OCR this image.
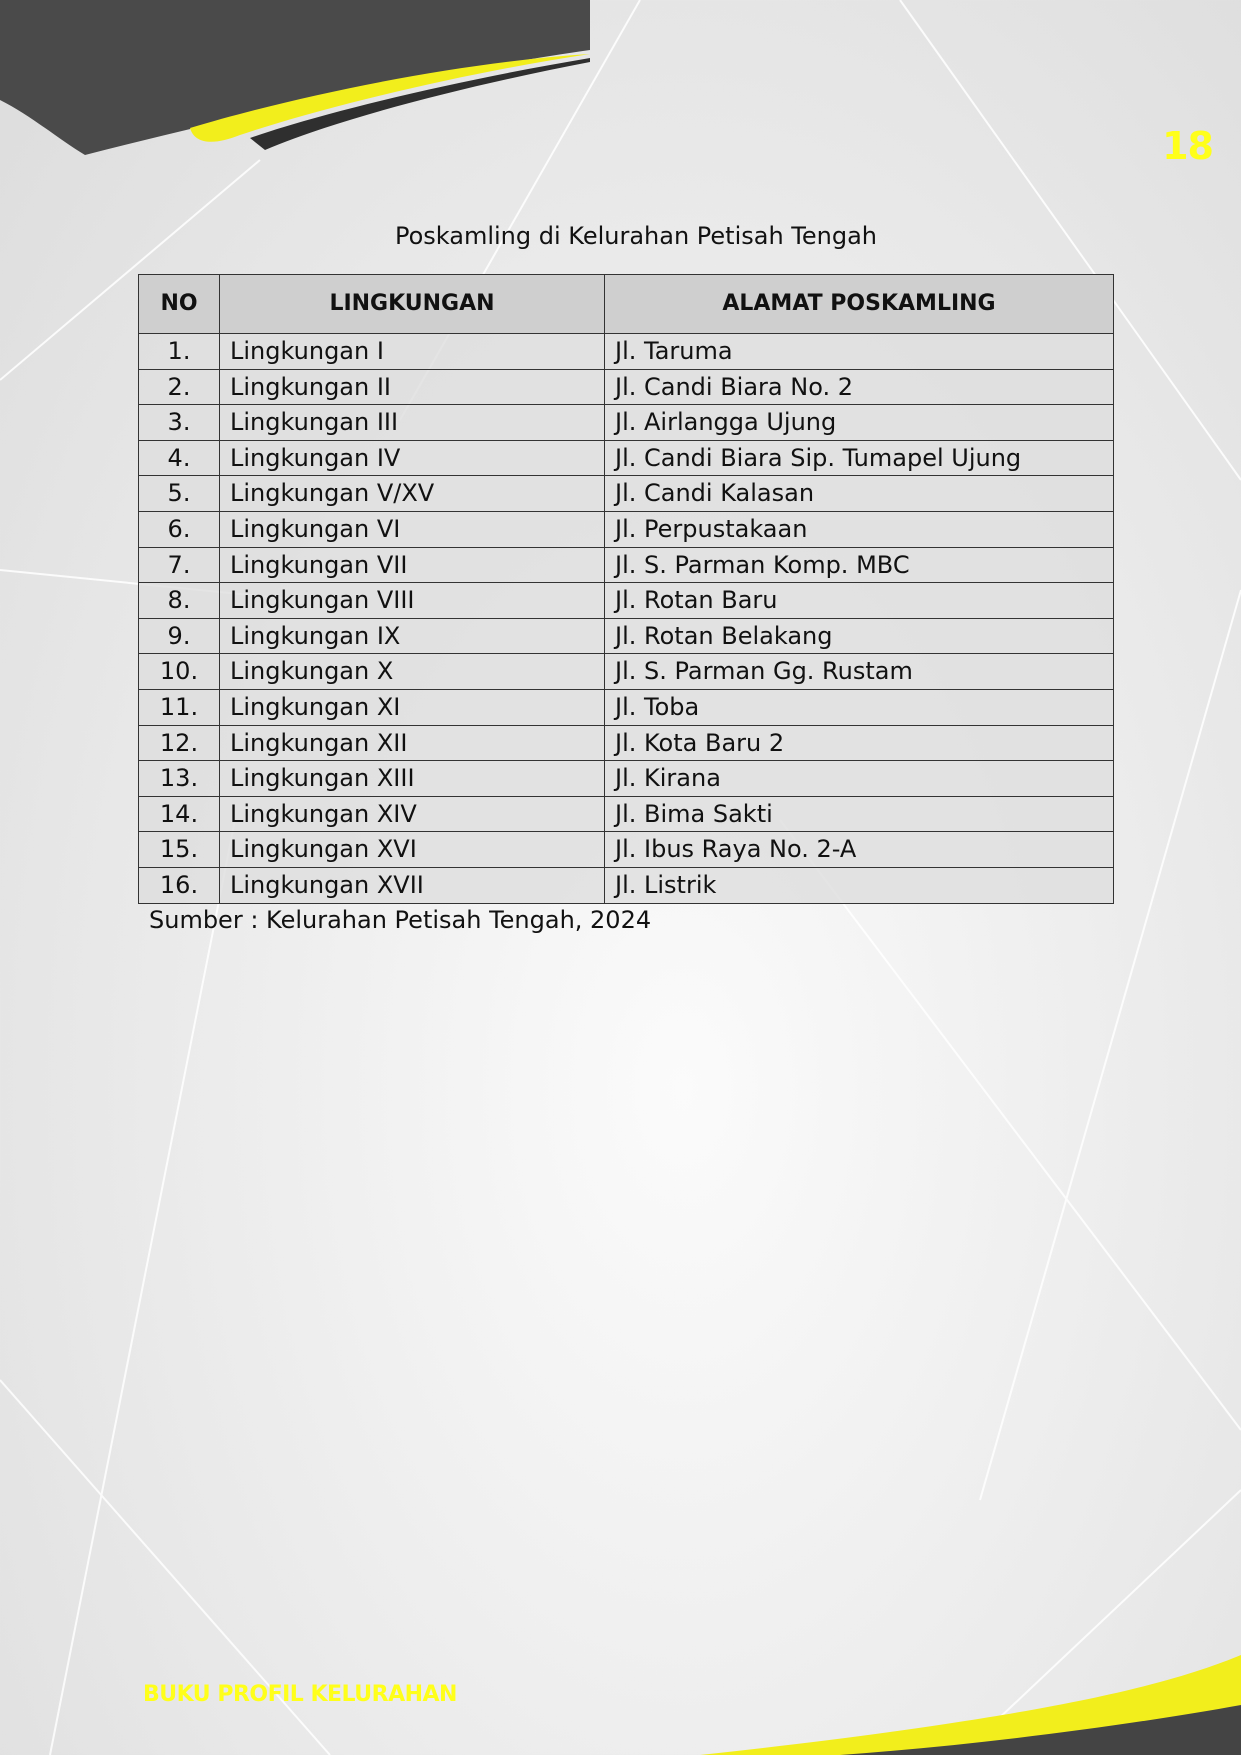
18
Poskamling di Kelurahan Petisah Tengah
NO	LINGKUNGAN	ALAMAT POSKAMLING
1.	Lingkungan I	Jl. Taruma
2.	Lingkungan II	Jl. Candi Biara No. 2
3.	Lingkungan III	Jl. Airlangga Ujung
4.	Lingkungan IV	Jl. Candi Biara Sip. Tumapel Ujung
5.	Lingkungan V/XV	Jl. Candi Kalasan
6.	Lingkungan VI	Jl. Perpustakaan
7.	Lingkungan VII	Jl. S. Parman Komp. MBC
8.	Lingkungan VIII	Jl. Rotan Baru
9.	Lingkungan IX	Jl. Rotan Belakang
10.	Lingkungan X	Jl. S. Parman Gg. Rustam
11.	Lingkungan XI	Jl. Toba
12.	Lingkungan XII	Jl. Kota Baru 2
13.	Lingkungan XIII	Jl. Kirana
14.	Lingkungan XIV	Jl. Bima Sakti
15.	Lingkungan XVI	Jl. Ibus Raya No. 2-A
16.	Lingkungan XVII	Jl. Listrik
Sumber : Kelurahan Petisah Tengah, 2024
BUKU PROFIL KELURAHAN
